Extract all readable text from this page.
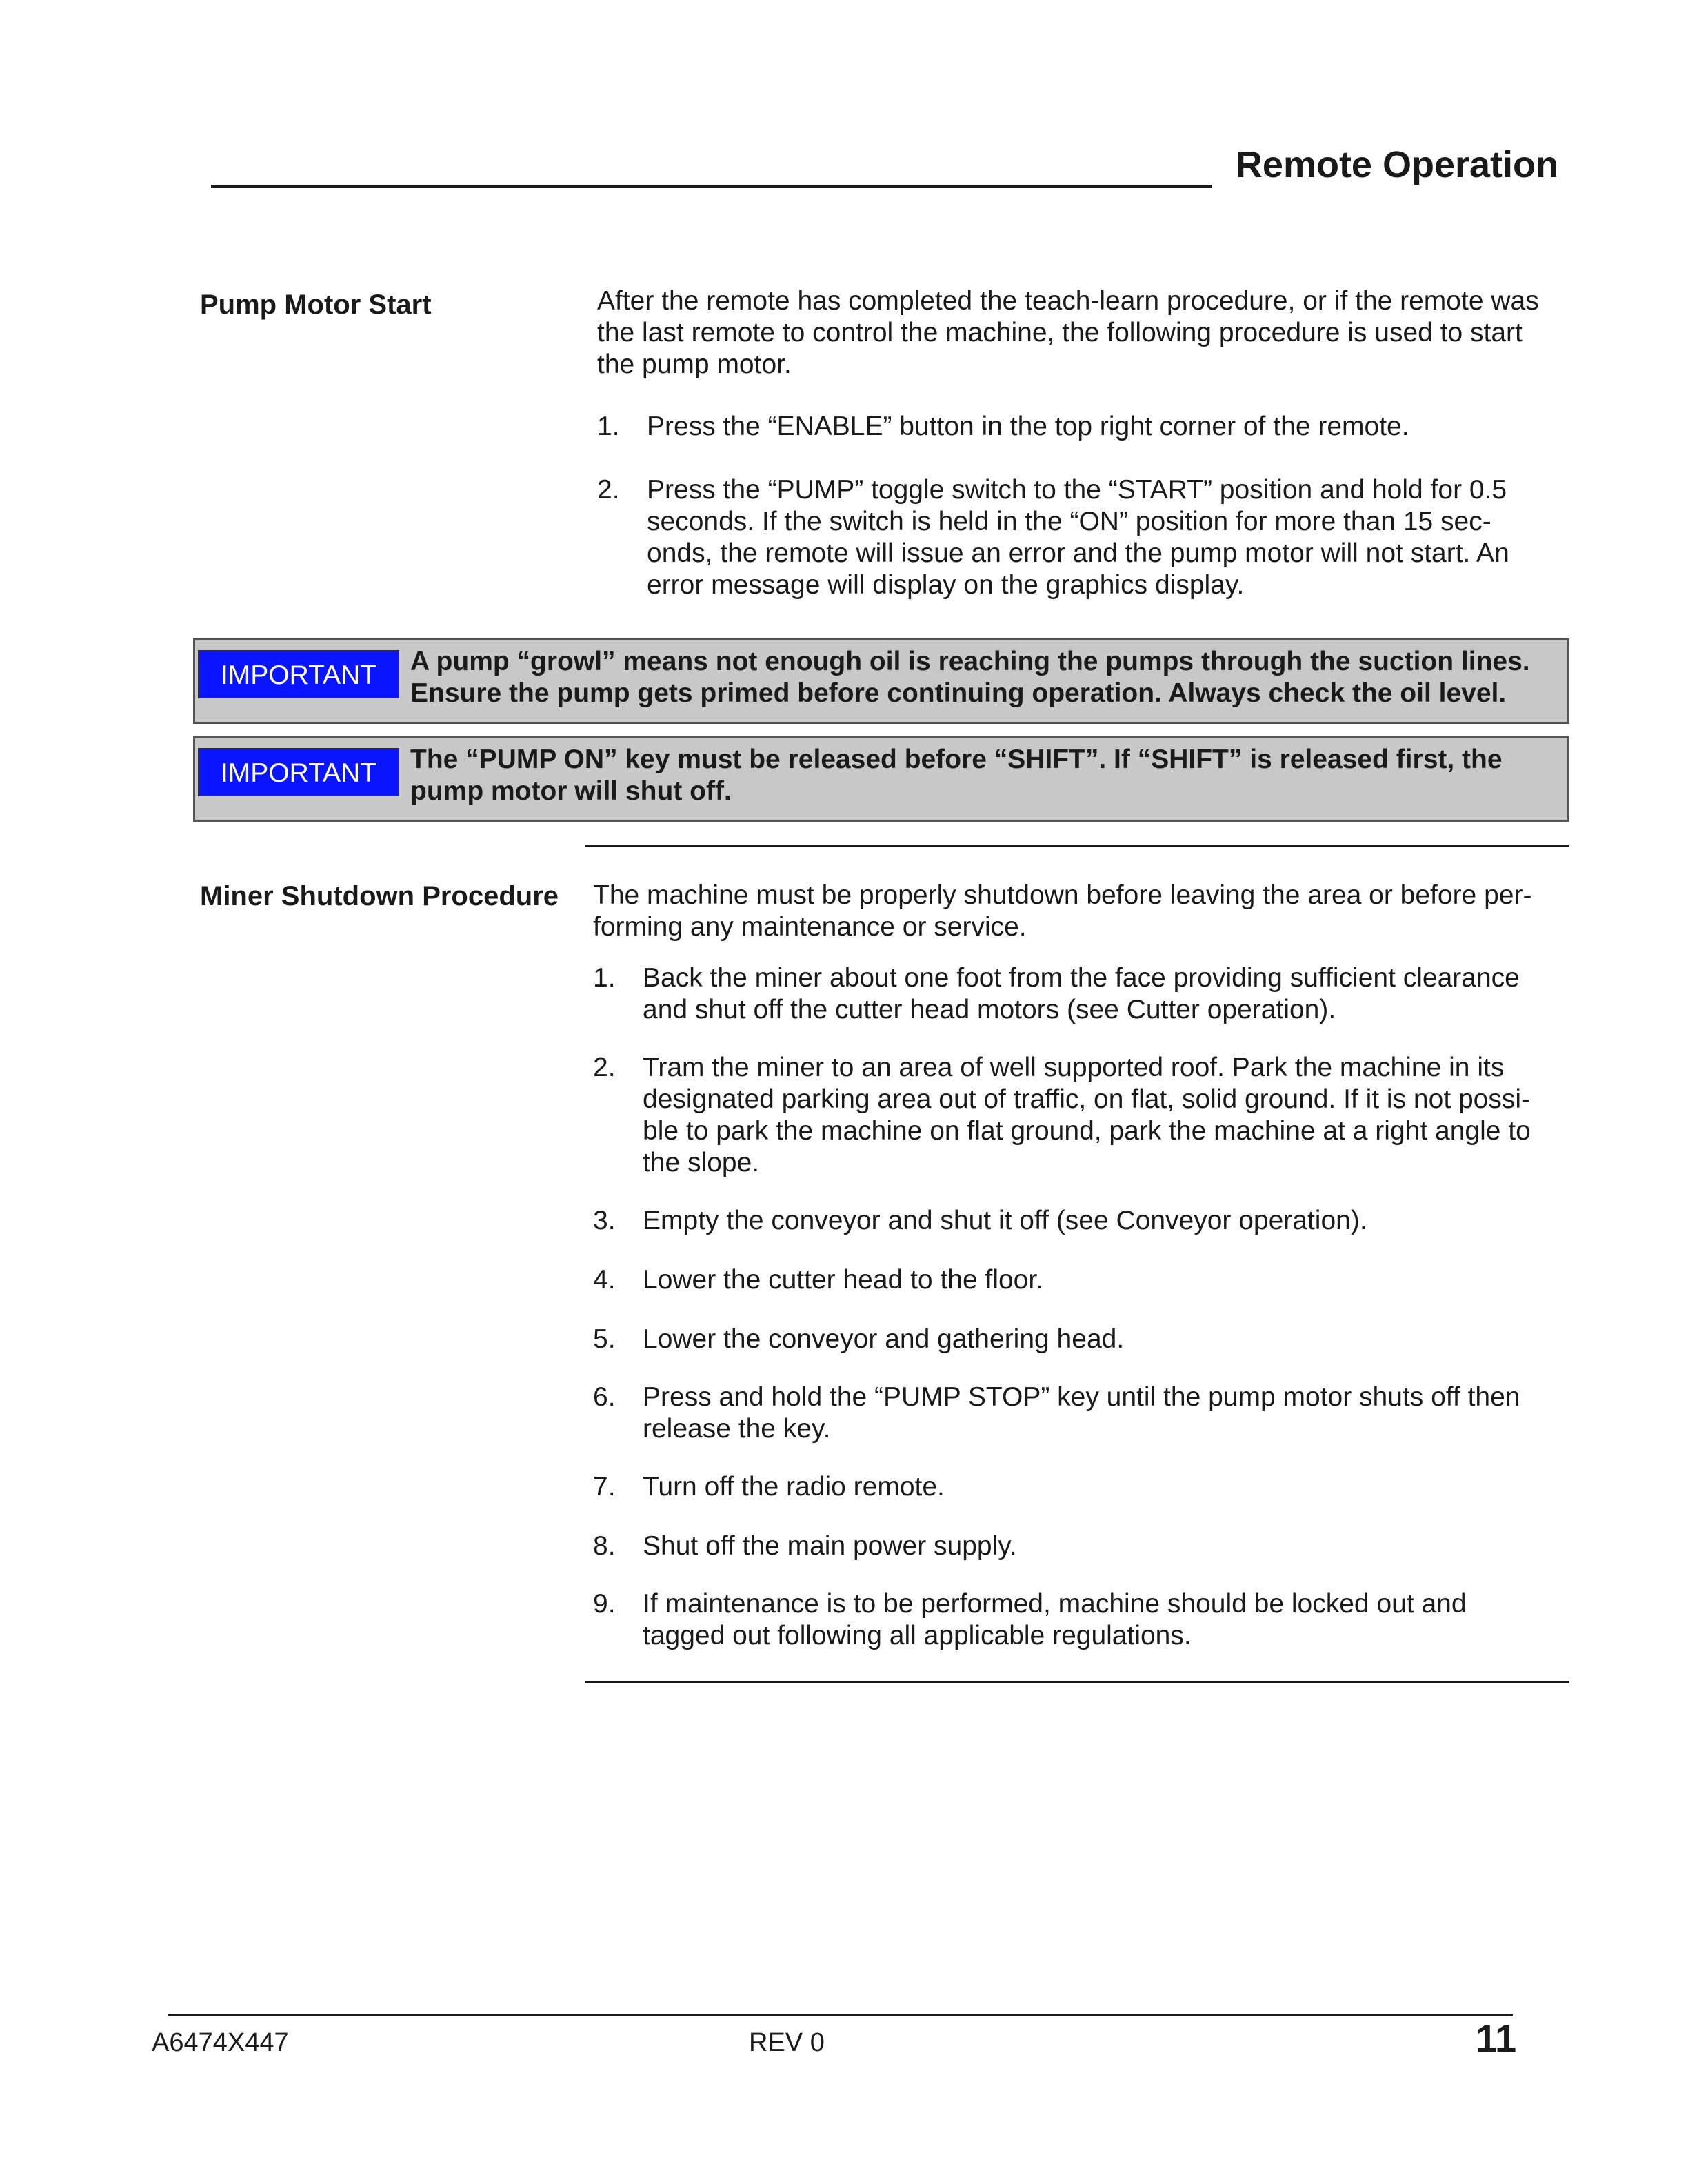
Remote Operation
Pump Motor Start	After the remote has completed the teach-learn procedure, or if the remote was
the last remote to control the machine, the following procedure is used to start
the pump motor.
1. Press the “ENABLE” button in the top right corner of the remote.
2. Press the “PUMP” toggle switch to the “START” position and hold for 0.5
seconds. If the switch is held in the “ON” position for more than 15 sec-
onds, the remote will issue an error and the pump motor will not start. An
error message will display on the graphics display.
IMPORTANT	A pump “growl” means not enough oil is reaching the pumps through the suction lines.
Ensure the pump gets primed before continuing operation. Always check the oil level.
IMPORTANT	The “PUMP ON” key must be released before “SHIFT”. If “SHIFT” is released first, the
pump motor will shut off.
Miner Shutdown Procedure The machine must be properly shutdown before leaving the area or before per-
forming any maintenance or service.
1. Back the miner about one foot from the face providing sufficient clearance
and shut off the cutter head motors (see Cutter operation).
2. Tram the miner to an area of well supported roof. Park the machine in its
designated parking area out of traffic, on flat, solid ground. If it is not possi-
ble to park the machine on flat ground, park the machine at a right angle to
the slope.
3. Empty the conveyor and shut it off (see Conveyor operation).
4. Lower the cutter head to the floor.
5. Lower the conveyor and gathering head.
6. Press and hold the “PUMP STOP” key until the pump motor shuts off then
release the key.
7. Turn off the radio remote.
8. Shut off the main power supply.
9. If maintenance is to be performed, machine should be locked out and
tagged out following all applicable regulations.
A6474X447	REV 0	11
